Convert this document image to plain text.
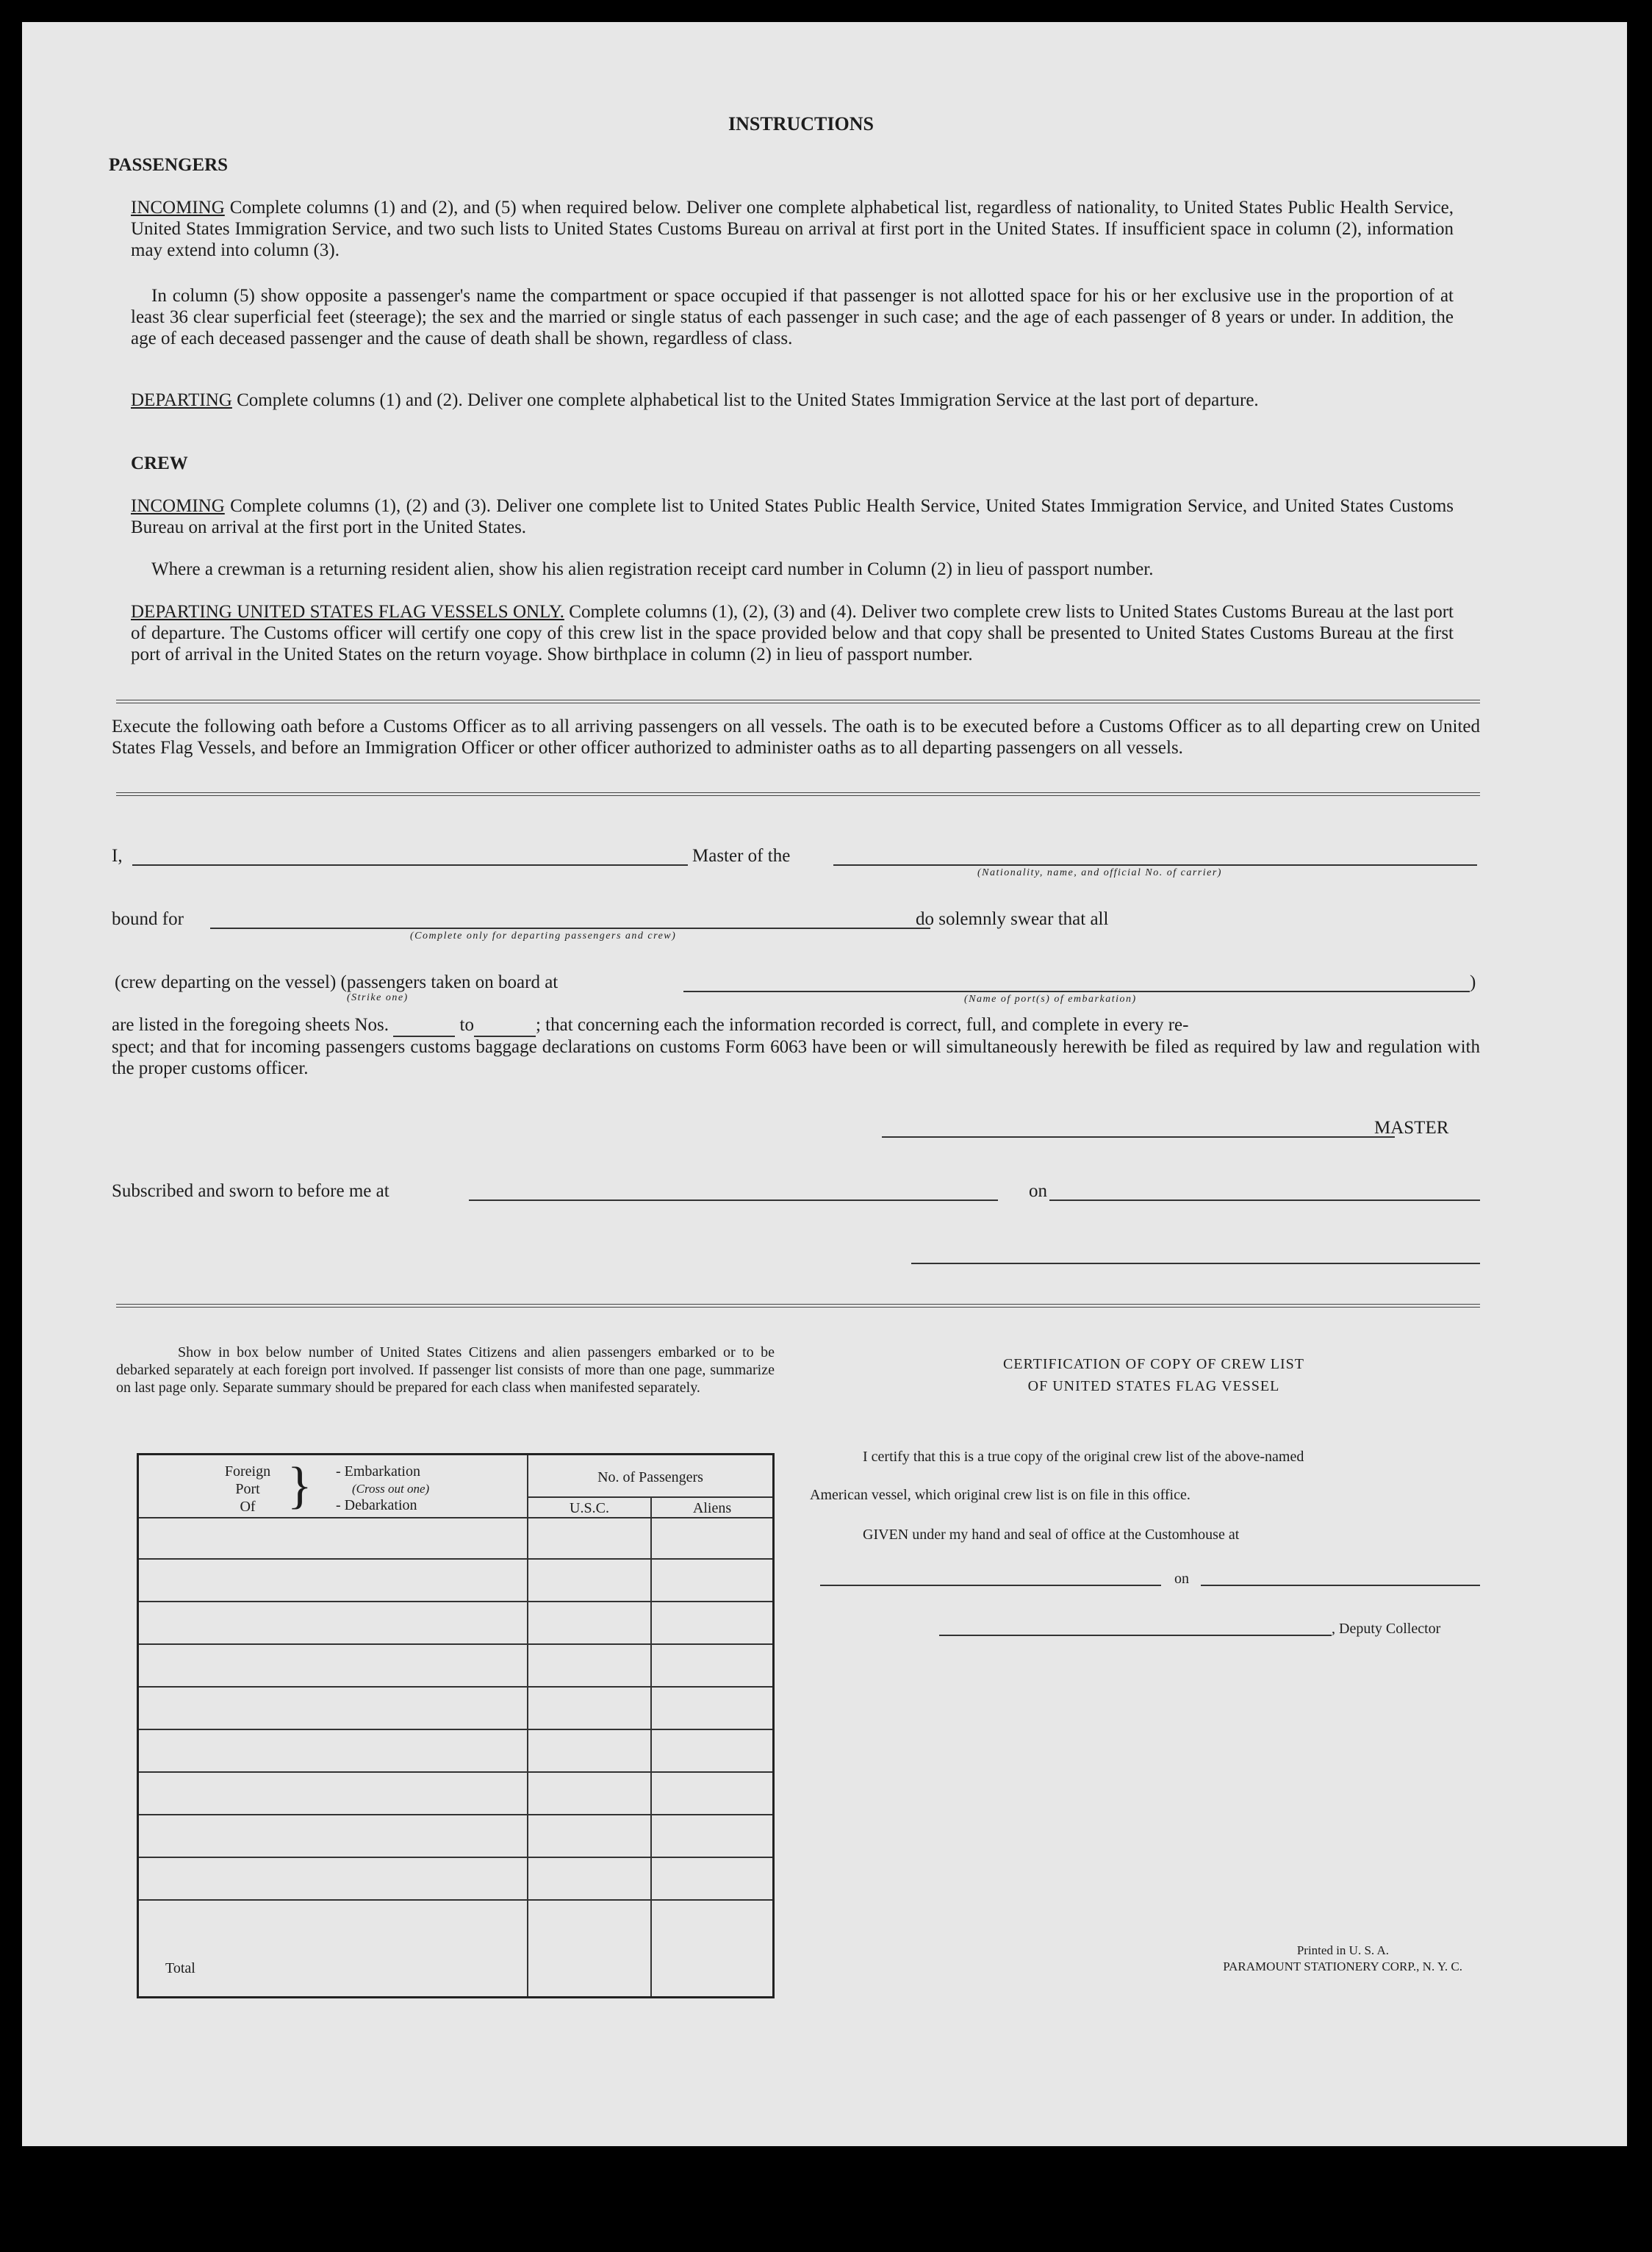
INSTRUCTIONS
PASSENGERS
INCOMING Complete columns (1) and (2), and (5) when required below. Deliver one complete alphabetical list, regardless of nationality, to United States Public Health Service, United States Immigration Service, and two such lists to United States Customs Bureau on arrival at first port in the United States. If insufficient space in column (2), information may extend into column (3).
In column (5) show opposite a passenger's name the compartment or space occupied if that passenger is not allotted space for his or her exclusive use in the proportion of at least 36 clear superficial feet (steerage); the sex and the married or single status of each passenger in such case; and the age of each passenger of 8 years or under. In addition, the age of each deceased passenger and the cause of death shall be shown, regardless of class.
DEPARTING Complete columns (1) and (2). Deliver one complete alphabetical list to the United States Immigration Service at the last port of departure.
CREW
INCOMING Complete columns (1), (2) and (3). Deliver one complete list to United States Public Health Service, United States Immigration Service, and United States Customs Bureau on arrival at the first port in the United States.
Where a crewman is a returning resident alien, show his alien registration receipt card number in Column (2) in lieu of passport number.
DEPARTING UNITED STATES FLAG VESSELS ONLY. Complete columns (1), (2), (3) and (4). Deliver two complete crew lists to United States Customs Bureau at the last port of departure. The Customs officer will certify one copy of this crew list in the space provided below and that copy shall be presented to United States Customs Bureau at the first port of arrival in the United States on the return voyage. Show birthplace in column (2) in lieu of passport number.
Execute the following oath before a Customs Officer as to all arriving passengers on all vessels. The oath is to be executed before a Customs Officer as to all departing crew on United States Flag Vessels, and before an Immigration Officer or other officer authorized to administer oaths as to all departing passengers on all vessels.
I,	Master of the
(Nationality, name, and official No. of carrier)
bound for
(Complete only for departing passengers and crew)
do solemnly swear that all
(crew departing on the vessel) (passengers taken on board at
(Strike one)	(Name of port(s) of embarkation)
)
are listed in the foregoing sheets Nos.	to	; that concerning each the information recorded is correct, full, and complete in every re-
spect; and that for incoming passengers customs baggage declarations on customs Form 6063 have been or will simultaneously herewith be filed as required by law and regulation with the proper customs officer.
MASTER
Subscribed and sworn to before me at	on
Show in box below number of United States Citizens and alien passengers embarked or to be debarked separately at each foreign port involved. If passenger list consists of more than one page, summarize on last page only. Separate summary should be prepared for each class when manifested separately.
Foreign
Port
Of } - Embarkation
(Cross out one)
- Debarkation
No. of Passengers
U.S.C.	Aliens
Total
CERTIFICATION OF COPY OF CREW LIST
OF UNITED STATES FLAG VESSEL
I certify that this is a true copy of the original crew list of the above-named
American vessel, which original crew list is on file in this office.
GIVEN under my hand and seal of office at the Customhouse at
on
, Deputy Collector
Printed in U. S. A.
PARAMOUNT STATIONERY CORP., N. Y. C.
